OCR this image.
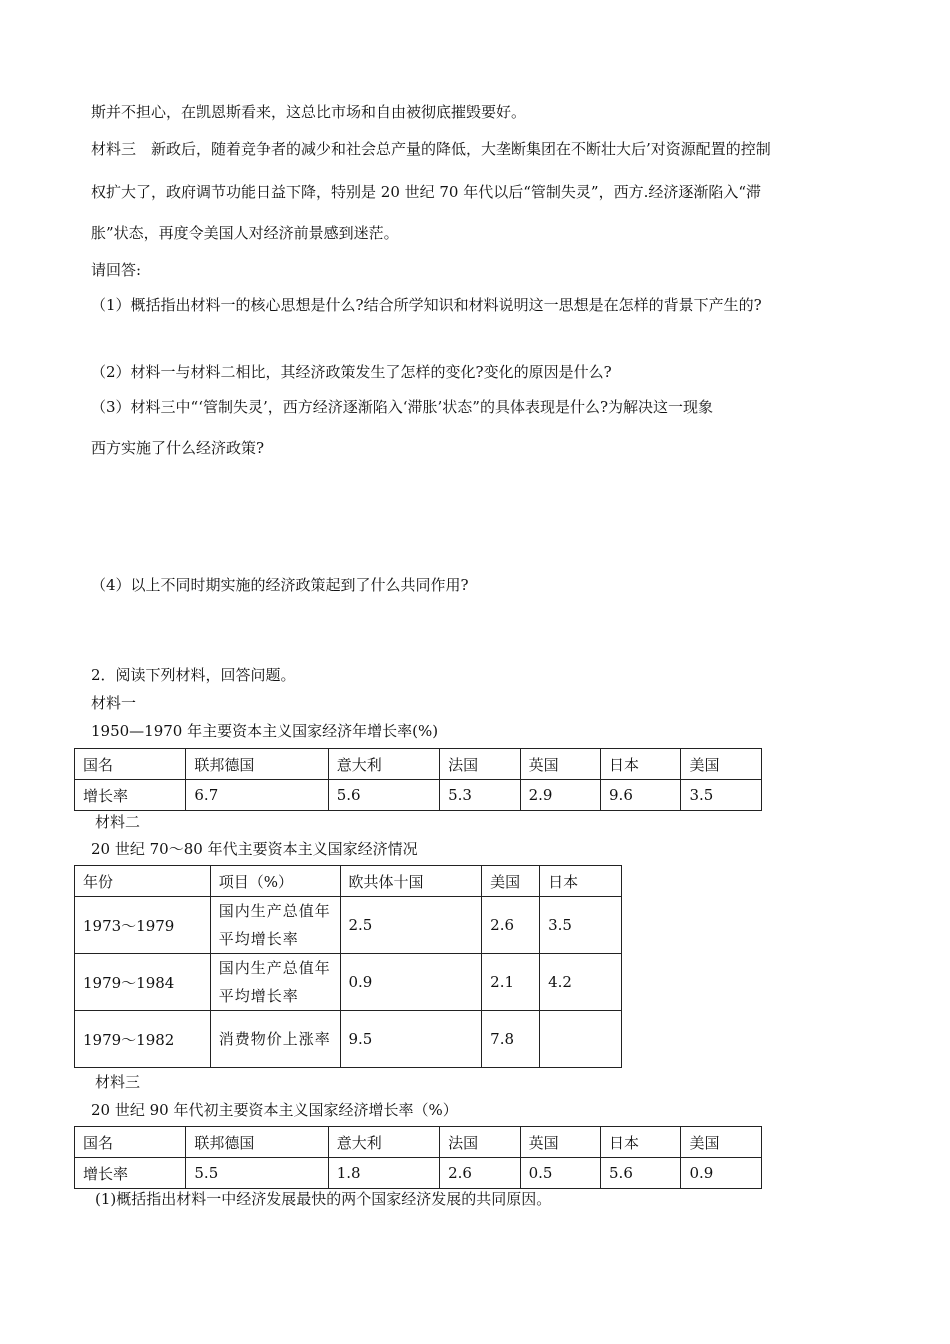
斯并不担心，在凯恩斯看来，这总比市场和自由被彻底摧毁要好。
材料三　新政后，随着竞争者的减少和社会总产量的降低，大垄断集团在不断壮大后’对资源配置的控制
权扩大了，政府调节功能日益下降，特别是 20 世纪 70 年代以后“管制失灵”，西方.经济逐渐陷入“滞
胀”状态，再度令美国人对经济前景感到迷茫。
请回答:
（1）概括指出材料一的核心思想是什么?结合所学知识和材料说明这一思想是在怎样的背景下产生的?
（2）材料一与材料二相比，其经济政策发生了怎样的变化?变化的原因是什么?
（3）材料三中“‘管制失灵’，西方经济逐渐陷入‘滞胀’状态”的具体表现是什么?为解决这一现象
西方实施了什么经济政策?
（4）以上不同时期实施的经济政策起到了什么共同作用?
2．阅读下列材料，回答问题。
材料一
1950—1970 年主要资本主义国家经济年增长率(%)
国名	联邦德国	意大利	法国	英国	日本	美国
增长率	6.7	5.6	5.3	2.9	9.6	3.5
材料二
20 世纪 70～80 年代主要资本主义国家经济情况
年份	项目（%）	欧共体十国	美国	日本
1973～1979	国内生产总值年平均增长率	2.5	2.6	3.5
1979～1984	国内生产总值年平均增长率	0.9	2.1	4.2
1979～1982	消费物价上涨率	9.5	7.8	
材料三
20 世纪 90 年代初主要资本主义国家经济增长率（%）
国名	联邦德国	意大利	法国	英国	日本	美国
增长率	5.5	1.8	2.6	0.5	5.6	0.9
(1)概括指出材料一中经济发展最快的两个国家经济发展的共同原因。
